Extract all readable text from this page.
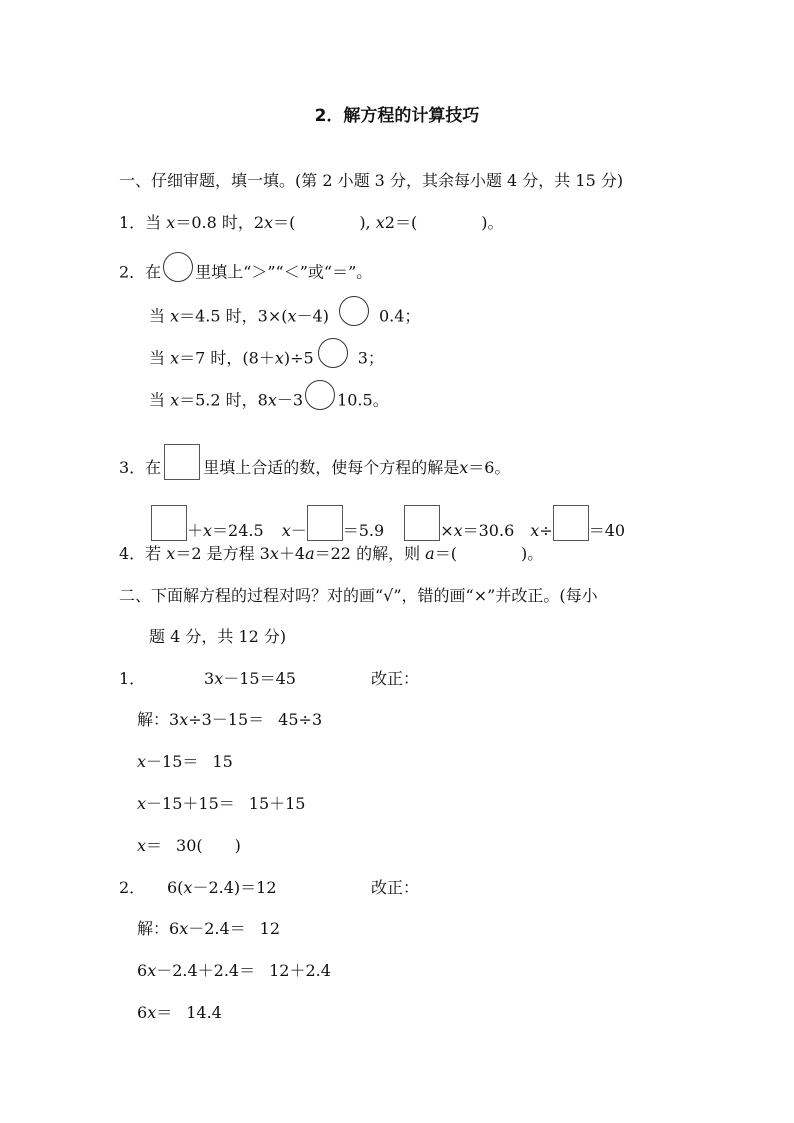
2．解方程的计算技巧
一、仔细审题，填一填。(第 2 小题 3 分，其余每小题 4 分，共 15 分)
1．当 x＝0.8 时，2x＝(	), x2＝(	)。
2．在 里填上“＞”“＜”或“＝”。
当 x＝4.5 时，3×(x－4)	0.4；
当 x＝7 时，(8＋x)÷5	3；
当 x＝5.2 时，8x－3 10.5。
3．在	里填上合适的数，使每个方程的解是x＝6。
＋x＝24.5 x－ ＝5.9	×x＝30.6 x÷ ＝40
4．若 x＝2 是方程 3x＋4a＝22 的解，则 a＝(	)。
二、下面解方程的过程对吗？对的画“√”，错的画“×”并改正。(每小
题 4 分，共 12 分)
1．	3x－15＝45	改正：
解：3x÷3－15＝ 45÷3
x－15＝ 15
x－15＋15＝ 15＋15
x＝ 30( )
2． 6(x－2.4)＝12	改正：
解：6x－2.4＝ 12
6x－2.4＋2.4＝ 12＋2.4
6x＝ 14.4
